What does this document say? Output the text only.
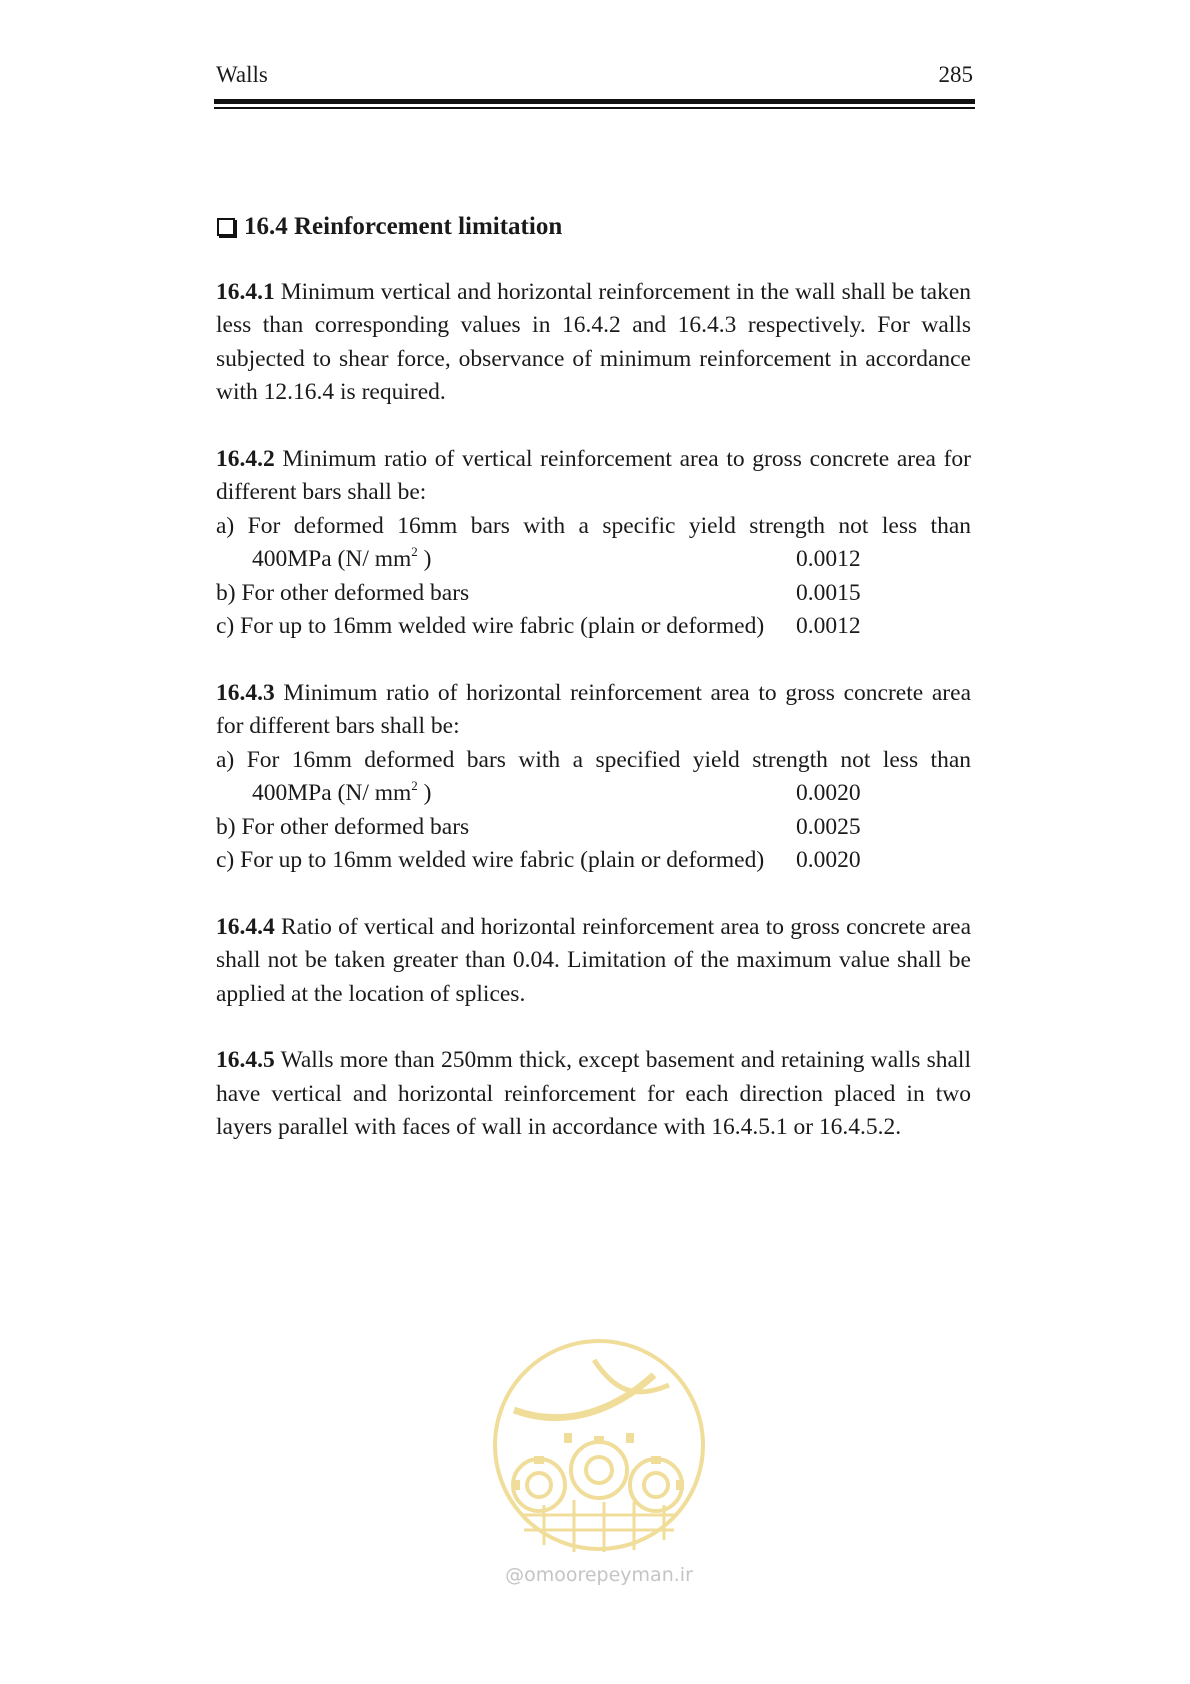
Walls	285
16.4 Reinforcement limitation

16.4.1 Minimum vertical and horizontal reinforcement in the wall shall be taken less than corresponding values in 16.4.2 and 16.4.3 respectively. For walls subjected to shear force, observance of minimum reinforcement in accordance with 12.16.4 is required.

16.4.2 Minimum ratio of vertical reinforcement area to gross concrete area for different bars shall be:

a) For deformed 16mm bars with a specific yield strength not less than
400MPa (N/ $mm^2$ )	0.0012
b) For other deformed bars	0.0015
c) For up to 16mm welded wire fabric (plain or deformed)	0.0012

16.4.3 Minimum ratio of horizontal reinforcement area to gross concrete area for different bars shall be:

a) For 16mm deformed bars with a specified yield strength not less than
400MPa (N/ $mm^2$ )	0.0020
b) For other deformed bars	0.0025
c) For up to 16mm welded wire fabric (plain or deformed)	0.0020

16.4.4 Ratio of vertical and horizontal reinforcement area to gross concrete area shall not be taken greater than 0.04. Limitation of the maximum value shall be applied at the location of splices.

16.4.5 Walls more than 250mm thick, except basement and retaining walls shall have vertical and horizontal reinforcement for each direction placed in two layers parallel with faces of wall in accordance with 16.4.5.1 or 16.4.5.2.

@omoorepeyman.ir
